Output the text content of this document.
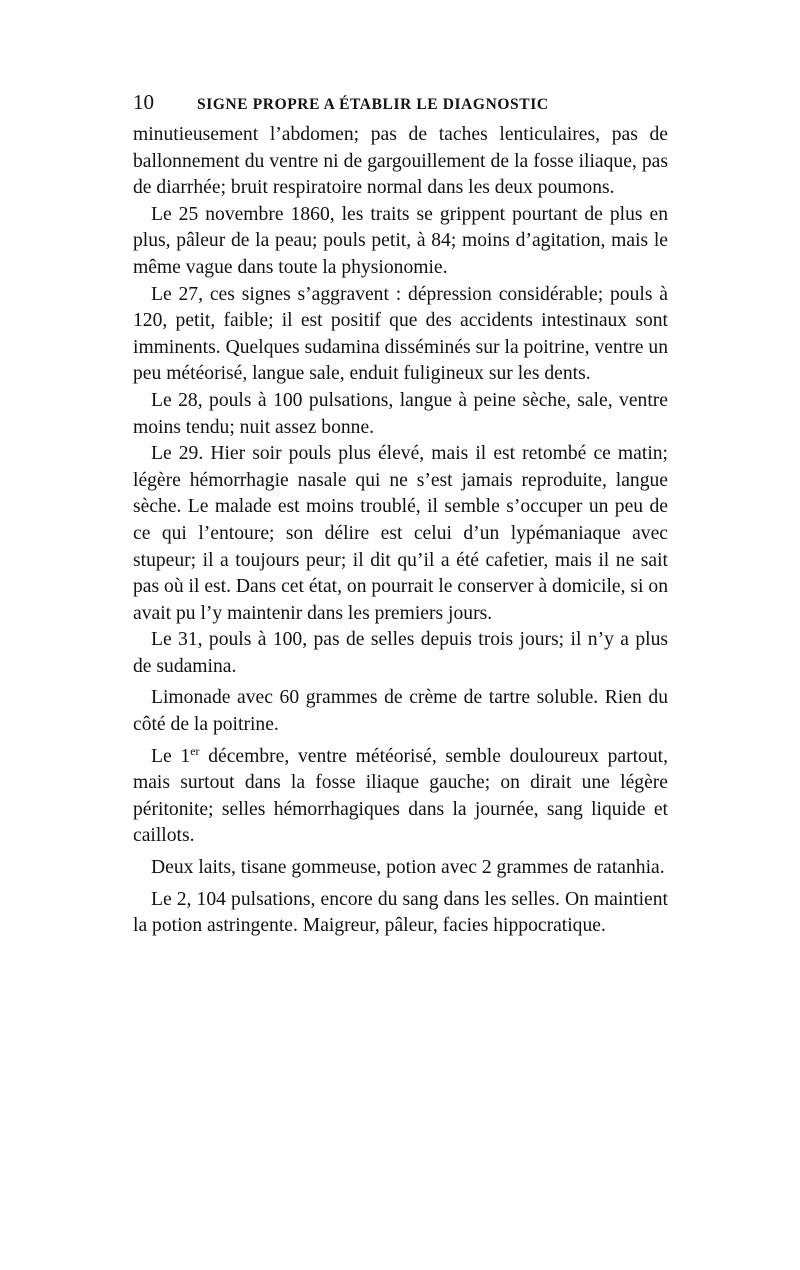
10	SIGNE PROPRE A ÉTABLIR LE DIAGNOSTIC

minutieusement l’abdomen; pas de taches lenticulaires, pas de ballonnement du ventre ni de gargouillement de la fosse iliaque, pas de diarrhée; bruit respiratoire normal dans les deux poumons.

Le 25 novembre 1860, les traits se grippent pourtant de plus en plus, pâleur de la peau; pouls petit, à 84; moins d’agitation, mais le même vague dans toute la physionomie.

Le 27, ces signes s’aggravent : dépression considérable; pouls à 120, petit, faible; il est positif que des accidents intestinaux sont imminents. Quelques sudamina disséminés sur la poitrine, ventre un peu météorisé, langue sale, enduit fuligineux sur les dents.

Le 28, pouls à 100 pulsations, langue à peine sèche, sale, ventre moins tendu; nuit assez bonne.

Le 29. Hier soir pouls plus élevé, mais il est retombé ce matin; légère hémorrhagie nasale qui ne s’est jamais reproduite, langue sèche. Le malade est moins troublé, il semble s’occuper un peu de ce qui l’entoure; son délire est celui d’un lypémaniaque avec stupeur; il a toujours peur; il dit qu’il a été cafetier, mais il ne sait pas où il est. Dans cet état, on pourrait le conserver à domicile, si on avait pu l’y maintenir dans les premiers jours.

Le 31, pouls à 100, pas de selles depuis trois jours; il n’y a plus de sudamina.

Limonade avec 60 grammes de crème de tartre soluble. Rien du côté de la poitrine.

Le 1er décembre, ventre météorisé, semble douloureux partout, mais surtout dans la fosse iliaque gauche; on dirait une légère péritonite; selles hémorrhagiques dans la journée, sang liquide et caillots.

Deux laits, tisane gommeuse, potion avec 2 grammes de ratanhia.

Le 2, 104 pulsations, encore du sang dans les selles. On maintient la potion astringente. Maigreur, pâleur, facies hippocratique.
